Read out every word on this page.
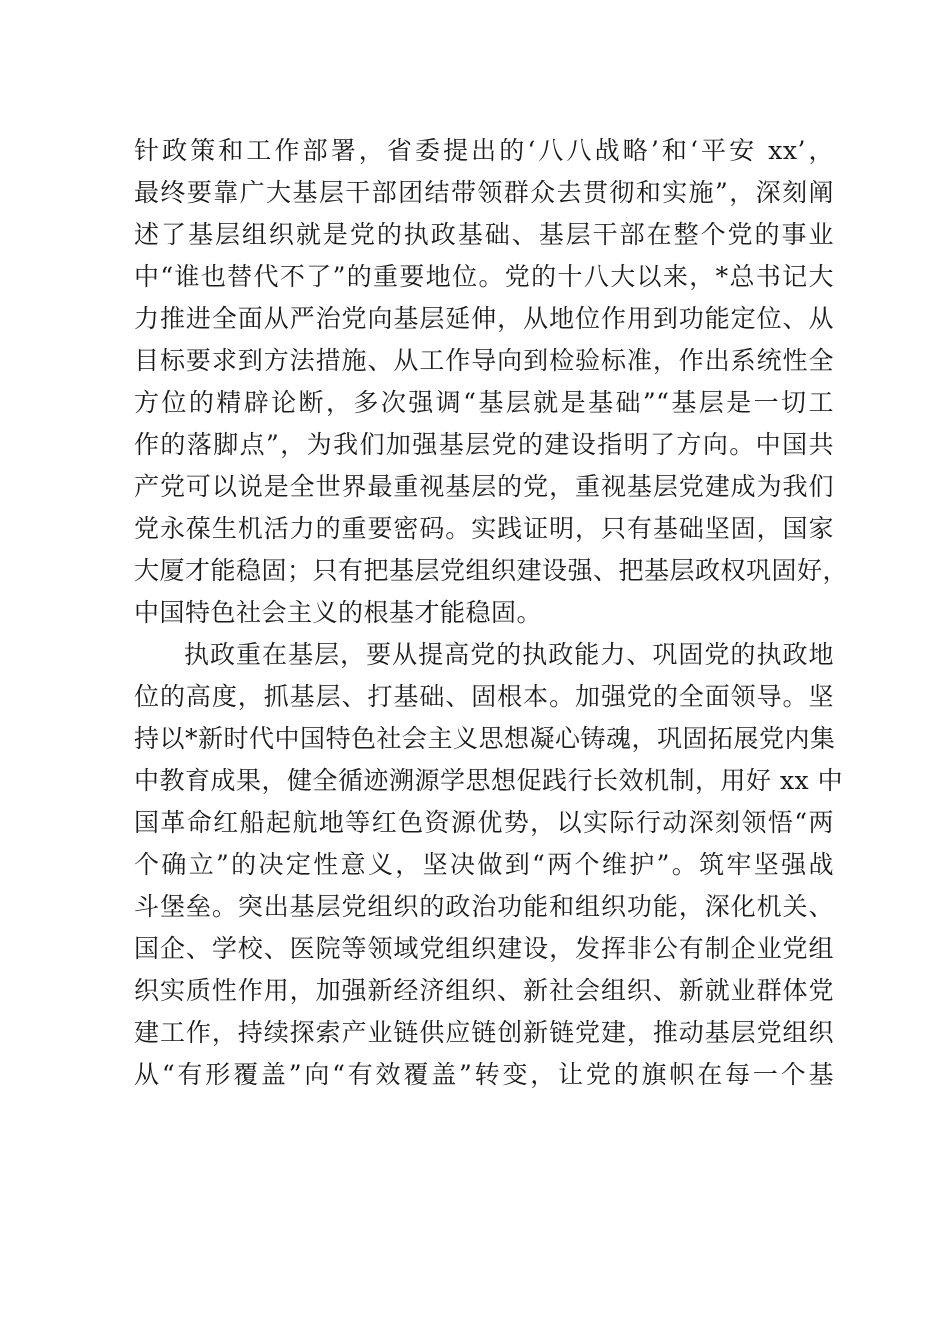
针政策和工作部署，省委提出的‘八八战略’和‘平安 xx’，
最终要靠广大基层干部团结带领群众去贯彻和实施”，深刻阐
述了基层组织就是党的执政基础、基层干部在整个党的事业
中“谁也替代不了”的重要地位。党的十八大以来，*总书记大
力推进全面从严治党向基层延伸，从地位作用到功能定位、从
目标要求到方法措施、从工作导向到检验标准，作出系统性全
方位的精辟论断，多次强调“基层就是基础”“基层是一切工
作的落脚点”，为我们加强基层党的建设指明了方向。中国共
产党可以说是全世界最重视基层的党，重视基层党建成为我们
党永葆生机活力的重要密码。实践证明，只有基础坚固，国家
大厦才能稳固；只有把基层党组织建设强、把基层政权巩固好，
中国特色社会主义的根基才能稳固。
执政重在基层，要从提高党的执政能力、巩固党的执政地
位的高度，抓基层、打基础、固根本。加强党的全面领导。坚
持以*新时代中国特色社会主义思想凝心铸魂，巩固拓展党内集
中教育成果，健全循迹溯源学思想促践行长效机制，用好 xx 中
国革命红船起航地等红色资源优势，以实际行动深刻领悟“两
个确立”的决定性意义，坚决做到“两个维护”。筑牢坚强战
斗堡垒。突出基层党组织的政治功能和组织功能，深化机关、
国企、学校、医院等领域党组织建设，发挥非公有制企业党组
织实质性作用，加强新经济组织、新社会组织、新就业群体党
建工作，持续探索产业链供应链创新链党建，推动基层党组织
从“有形覆盖”向“有效覆盖”转变，让党的旗帜在每一个基
